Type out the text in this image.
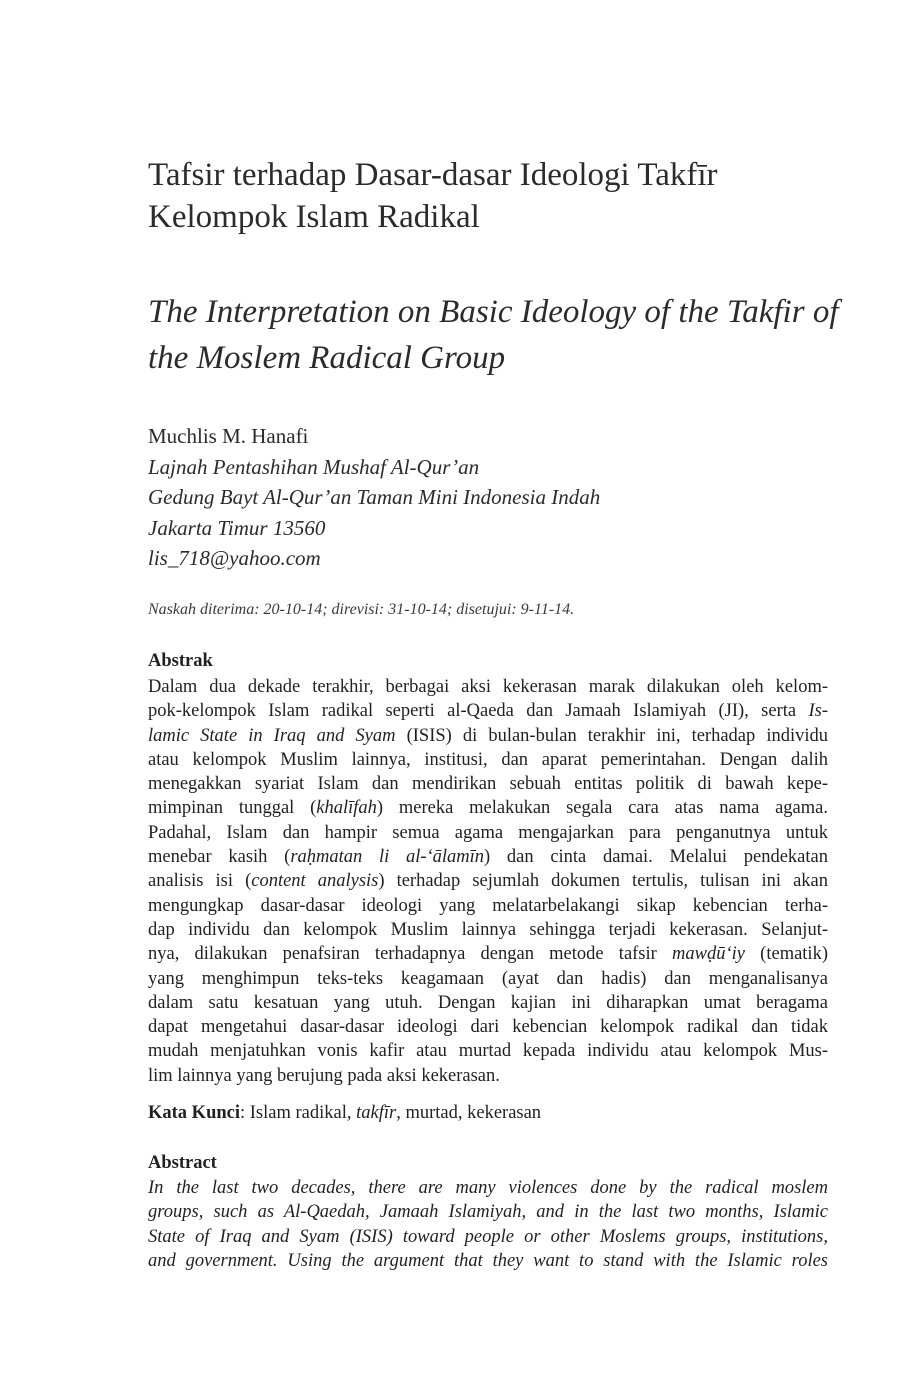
Tafsir terhadap Dasar-dasar Ideologi Takfīr
Kelompok Islam Radikal
The Interpretation on Basic Ideology of the Takfir of
the Moslem Radical Group
Muchlis M. Hanafi
Lajnah Pentashihan Mushaf Al-Qur’an
Gedung Bayt Al-Qur’an Taman Mini Indonesia Indah
Jakarta Timur 13560
lis_718@yahoo.com
Naskah diterima: 20-10-14; direvisi: 31-10-14; disetujui: 9-11-14.
Abstrak
Dalam dua dekade terakhir, berbagai aksi kekerasan marak dilakukan oleh kelom-
pok-kelompok Islam radikal seperti al-Qaeda dan Jamaah Islamiyah (JI), serta Is-
lamic State in Iraq and Syam (ISIS) di bulan-bulan terakhir ini, terhadap individu
atau kelompok Muslim lainnya, institusi, dan aparat pemerintahan. Dengan dalih
menegakkan syariat Islam dan mendirikan sebuah entitas politik di bawah kepe-
mimpinan tunggal (khalīfah) mereka melakukan segala cara atas nama agama.
Padahal, Islam dan hampir semua agama mengajarkan para penganutnya untuk
menebar kasih (raḥmatan li al-‘ālamīn) dan cinta damai. Melalui pendekatan
analisis isi (content analysis) terhadap sejumlah dokumen tertulis, tulisan ini akan
mengungkap dasar-dasar ideologi yang melatarbelakangi sikap kebencian terha-
dap individu dan kelompok Muslim lainnya sehingga terjadi kekerasan. Selanjut-
nya, dilakukan penafsiran terhadapnya dengan metode tafsir mawḍū‘iy (tematik)
yang menghimpun teks-teks keagamaan (ayat dan hadis) dan menganalisanya
dalam satu kesatuan yang utuh. Dengan kajian ini diharapkan umat beragama
dapat mengetahui dasar-dasar ideologi dari kebencian kelompok radikal dan tidak
mudah menjatuhkan vonis kafir atau murtad kepada individu atau kelompok Mus-
lim lainnya yang berujung pada aksi kekerasan.
Kata Kunci: Islam radikal, takfīr, murtad, kekerasan
Abstract
In the last two decades, there are many violences done by the radical moslem
groups, such as Al-Qaedah, Jamaah Islamiyah, and in the last two months, Islamic
State of Iraq and Syam (ISIS) toward people or other Moslems groups, institutions,
and government. Using the argument that they want to stand with the Islamic roles
